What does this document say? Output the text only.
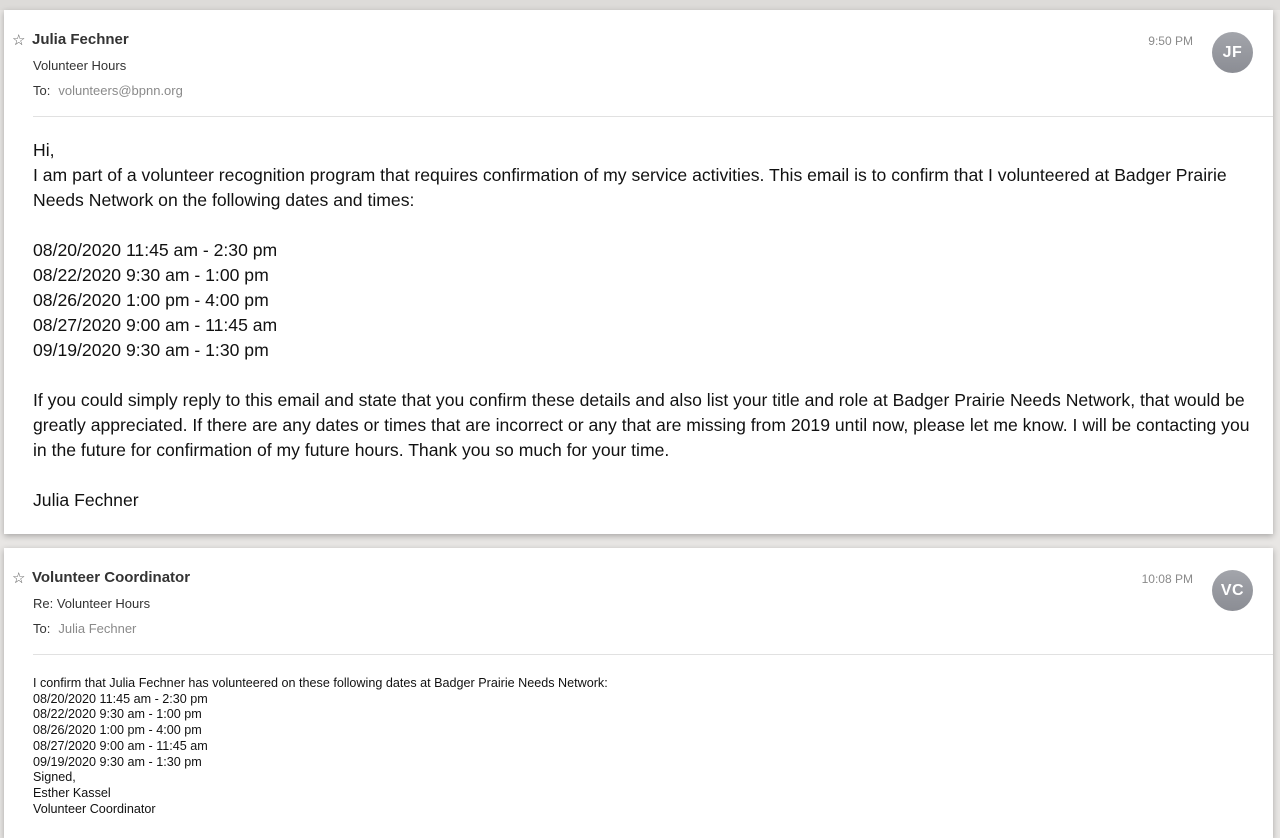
☆ Julia Fechner
Volunteer Hours
To: volunteers@bpnn.org
9:50 PM
JF

Hi,

I am part of a volunteer recognition program that requires confirmation of my service activities. This email is to confirm that I volunteered at Badger Prairie Needs Network on the following dates and times:

08/20/2020 11:45 am - 2:30 pm

08/22/2020 9:30 am - 1:00 pm

08/26/2020 1:00 pm - 4:00 pm

08/27/2020 9:00 am - 11:45 am

09/19/2020 9:30 am - 1:30 pm

If you could simply reply to this email and state that you confirm these details and also list your title and role at Badger Prairie Needs Network, that would be greatly appreciated. If there are any dates or times that are incorrect or any that are missing from 2019 until now, please let me know. I will be contacting you in the future for confirmation of my future hours. Thank you so much for your time.

Julia Fechner

☆ Volunteer Coordinator
Re: Volunteer Hours
To: Julia Fechner
10:08 PM
VC

I confirm that Julia Fechner has volunteered on these following dates at Badger Prairie Needs Network:

08/20/2020 11:45 am - 2:30 pm

08/22/2020 9:30 am - 1:00 pm

08/26/2020 1:00 pm - 4:00 pm

08/27/2020 9:00 am - 11:45 am

09/19/2020 9:30 am - 1:30 pm

Signed,

Esther Kassel

Volunteer Coordinator
